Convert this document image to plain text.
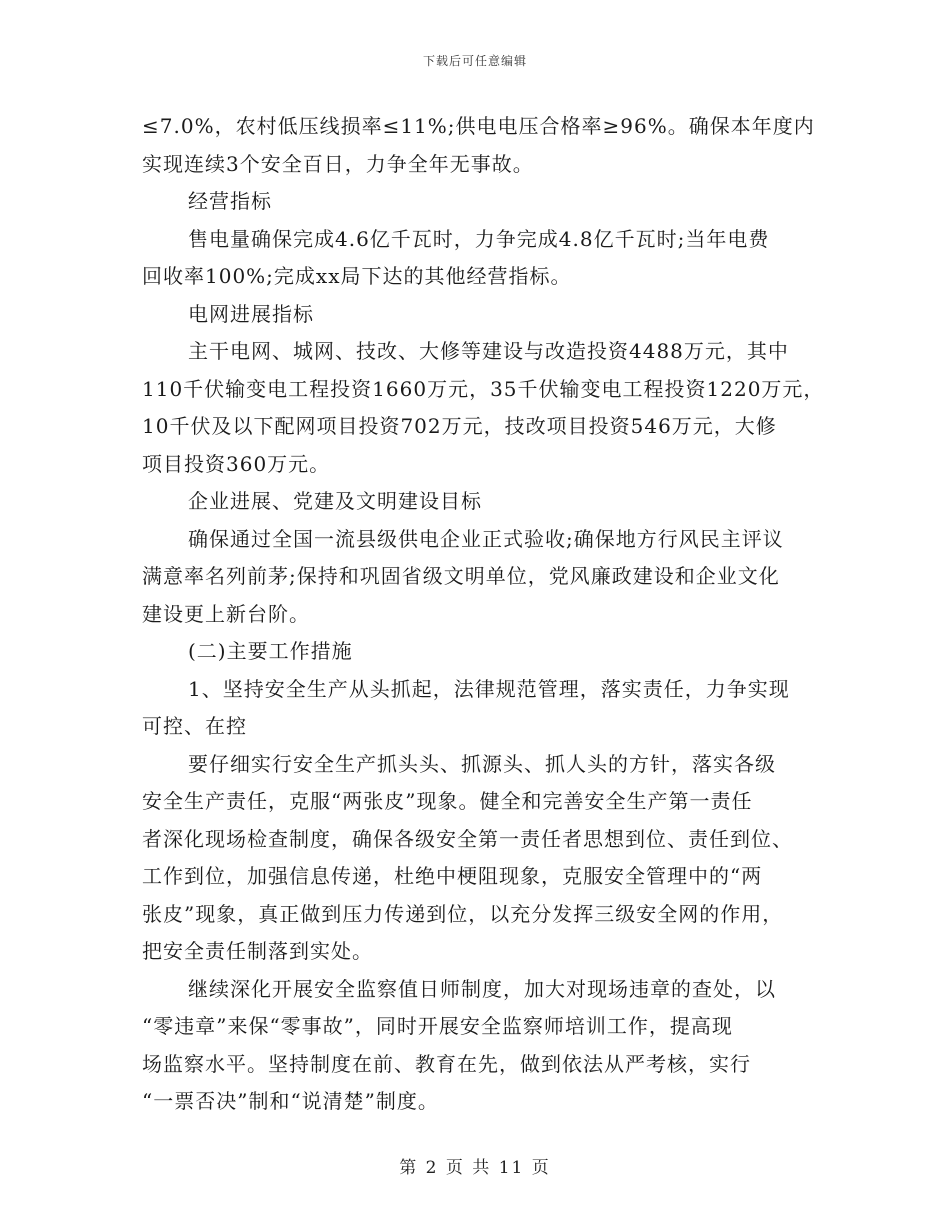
下载后可任意编辑
≤7.0%，农村低压线损率≤11%;供电电压合格率≥96%。确保本年度内
实现连续3个安全百日，力争全年无事故。
经营指标
售电量确保完成4.6亿千瓦时，力争完成4.8亿千瓦时;当年电费
回收率100%;完成xx局下达的其他经营指标。
电网进展指标
主干电网、城网、技改、大修等建设与改造投资4488万元，其中
110千伏输变电工程投资1660万元，35千伏输变电工程投资1220万元，
10千伏及以下配网项目投资702万元，技改项目投资546万元，大修
项目投资360万元。
企业进展、党建及文明建设目标
确保通过全国一流县级供电企业正式验收;确保地方行风民主评议
满意率名列前茅;保持和巩固省级文明单位，党风廉政建设和企业文化
建设更上新台阶。
(二)主要工作措施
1、坚持安全生产从头抓起，法律规范管理，落实责任，力争实现
可控、在控
要仔细实行安全生产抓头头、抓源头、抓人头的方针，落实各级
安全生产责任，克服“两张皮”现象。健全和完善安全生产第一责任
者深化现场检查制度，确保各级安全第一责任者思想到位、责任到位、
工作到位，加强信息传递，杜绝中梗阻现象，克服安全管理中的“两
张皮”现象，真正做到压力传递到位，以充分发挥三级安全网的作用，
把安全责任制落到实处。
继续深化开展安全监察值日师制度，加大对现场违章的查处，以
“零违章”来保“零事故”，同时开展安全监察师培训工作，提高现
场监察水平。坚持制度在前、教育在先，做到依法从严考核，实行
“一票否决”制和“说清楚”制度。
第 2 页 共 11 页
